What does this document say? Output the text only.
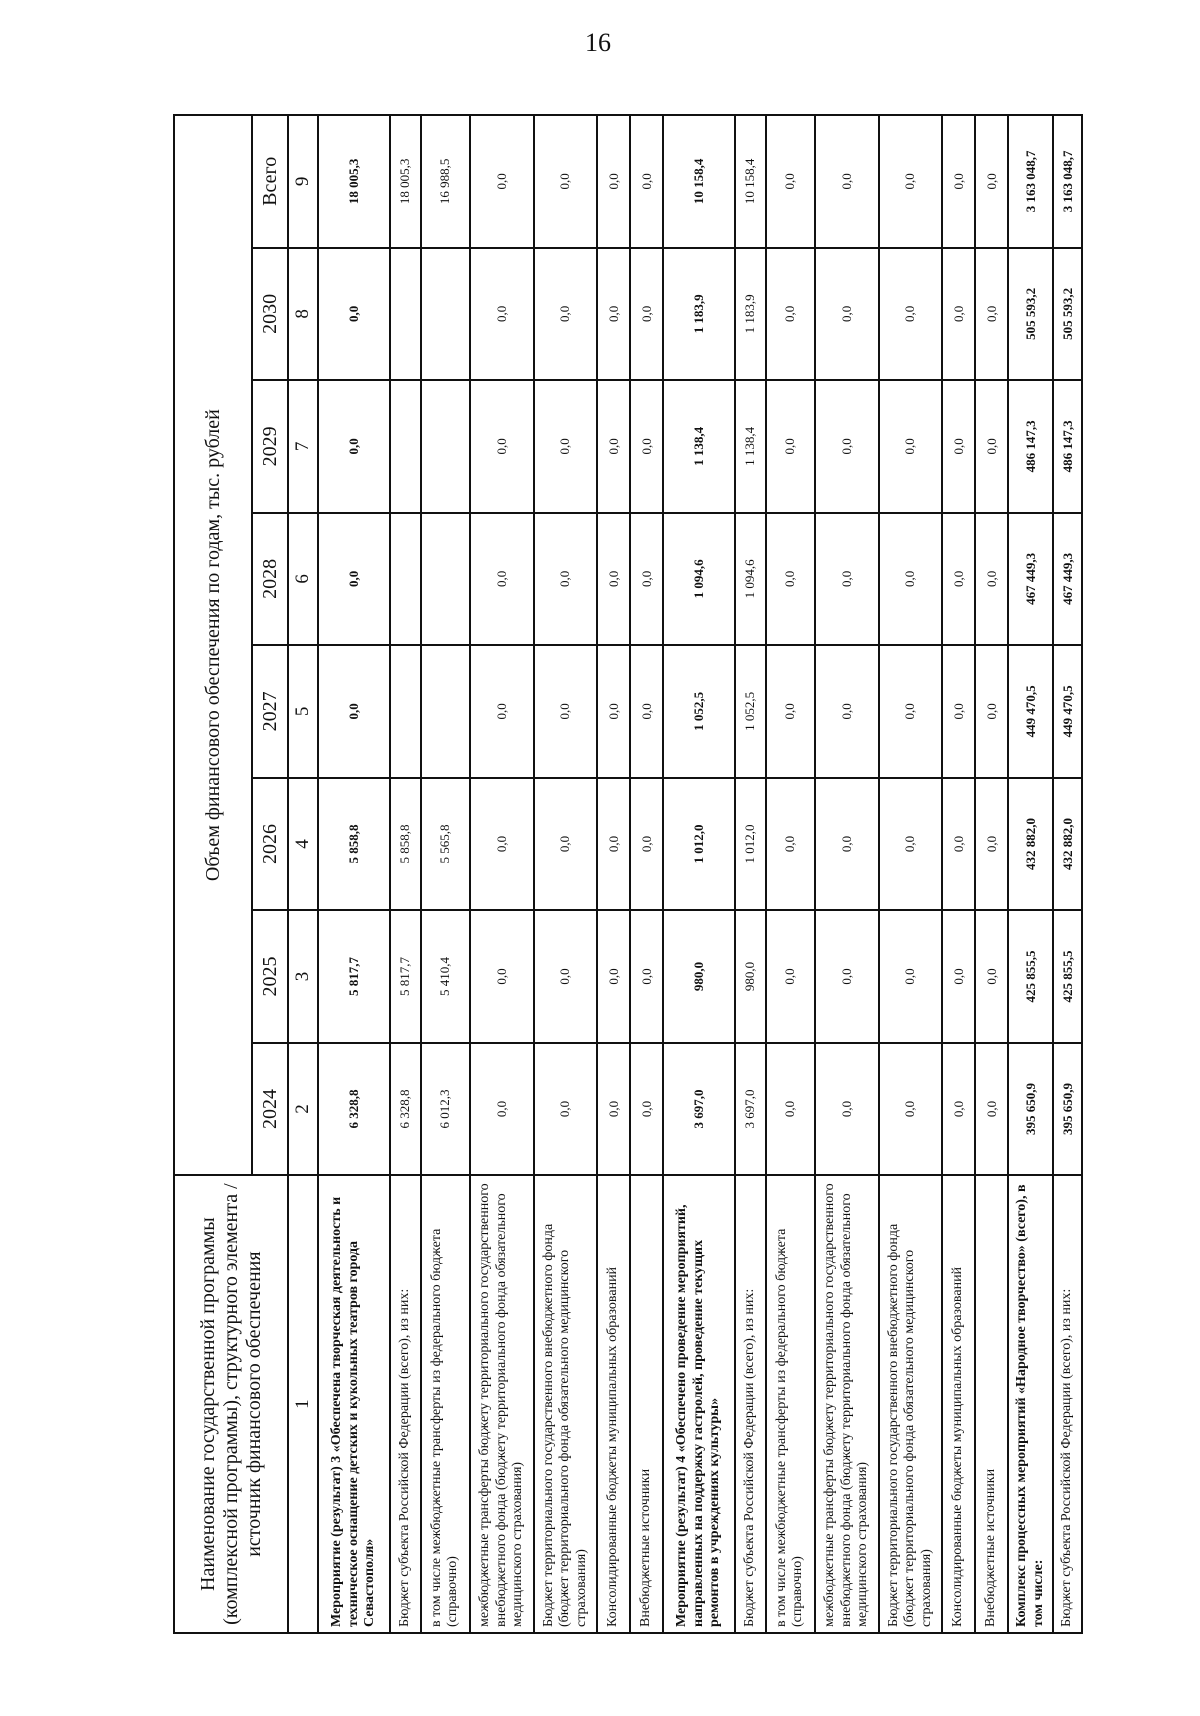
16
Наименование государственной программы (комплексной программы), структурного элемента / источник финансового обеспечения	Объем финансового обеспечения по годам, тыс. рублей							
	2024	2025	2026	2027	2028	2029	2030	Всего
1	2	3	4	5	6	7	8	9
Мероприятие (результат) 3 «Обеспечена творческая деятельность и техническое оснащение детских и кукольных театров города Севастополя»	6 328,8	5 817,7	5 858,8	0,0	0,0	0,0	0,0	18 005,3
Бюджет субъекта Российской Федерации (всего), из них:	6 328,8	5 817,7	5 858,8					18 005,3
в том числе межбюджетные трансферты из федерального бюджета (справочно)	6 012,3	5 410,4	5 565,8					16 988,5
межбюджетные трансферты бюджету территориального государственного внебюджетного фонда (бюджету территориального фонда обязательного медицинского страхования)	0,0	0,0	0,0	0,0	0,0	0,0	0,0	0,0
Бюджет территориального государственного внебюджетного фонда (бюджет территориального фонда обязательного медицинского страхования)	0,0	0,0	0,0	0,0	0,0	0,0	0,0	0,0
Консолидированные бюджеты муниципальных образований	0,0	0,0	0,0	0,0	0,0	0,0	0,0	0,0
Внебюджетные источники	0,0	0,0	0,0	0,0	0,0	0,0	0,0	0,0
Мероприятие (результат) 4 «Обеспечено проведение мероприятий, направленных на поддержку гастролей, проведение текущих ремонтов в учреждениях культуры»	3 697,0	980,0	1 012,0	1 052,5	1 094,6	1 138,4	1 183,9	10 158,4
Бюджет субъекта Российской Федерации (всего), из них:	3 697,0	980,0	1 012,0	1 052,5	1 094,6	1 138,4	1 183,9	10 158,4
в том числе межбюджетные трансферты из федерального бюджета (справочно)	0,0	0,0	0,0	0,0	0,0	0,0	0,0	0,0
межбюджетные трансферты бюджету территориального государственного внебюджетного фонда (бюджету территориального фонда обязательного медицинского страхования)	0,0	0,0	0,0	0,0	0,0	0,0	0,0	0,0
Бюджет территориального государственного внебюджетного фонда (бюджет территориального фонда обязательного медицинского страхования)	0,0	0,0	0,0	0,0	0,0	0,0	0,0	0,0
Консолидированные бюджеты муниципальных образований	0,0	0,0	0,0	0,0	0,0	0,0	0,0	0,0
Внебюджетные источники	0,0	0,0	0,0	0,0	0,0	0,0	0,0	0,0
Комплекс процессных мероприятий «Народное творчество» (всего), в том числе:	395 650,9	425 855,5	432 882,0	449 470,5	467 449,3	486 147,3	505 593,2	3 163 048,7
Бюджет субъекта Российской Федерации (всего), из них:	395 650,9	425 855,5	432 882,0	449 470,5	467 449,3	486 147,3	505 593,2	3 163 048,7
